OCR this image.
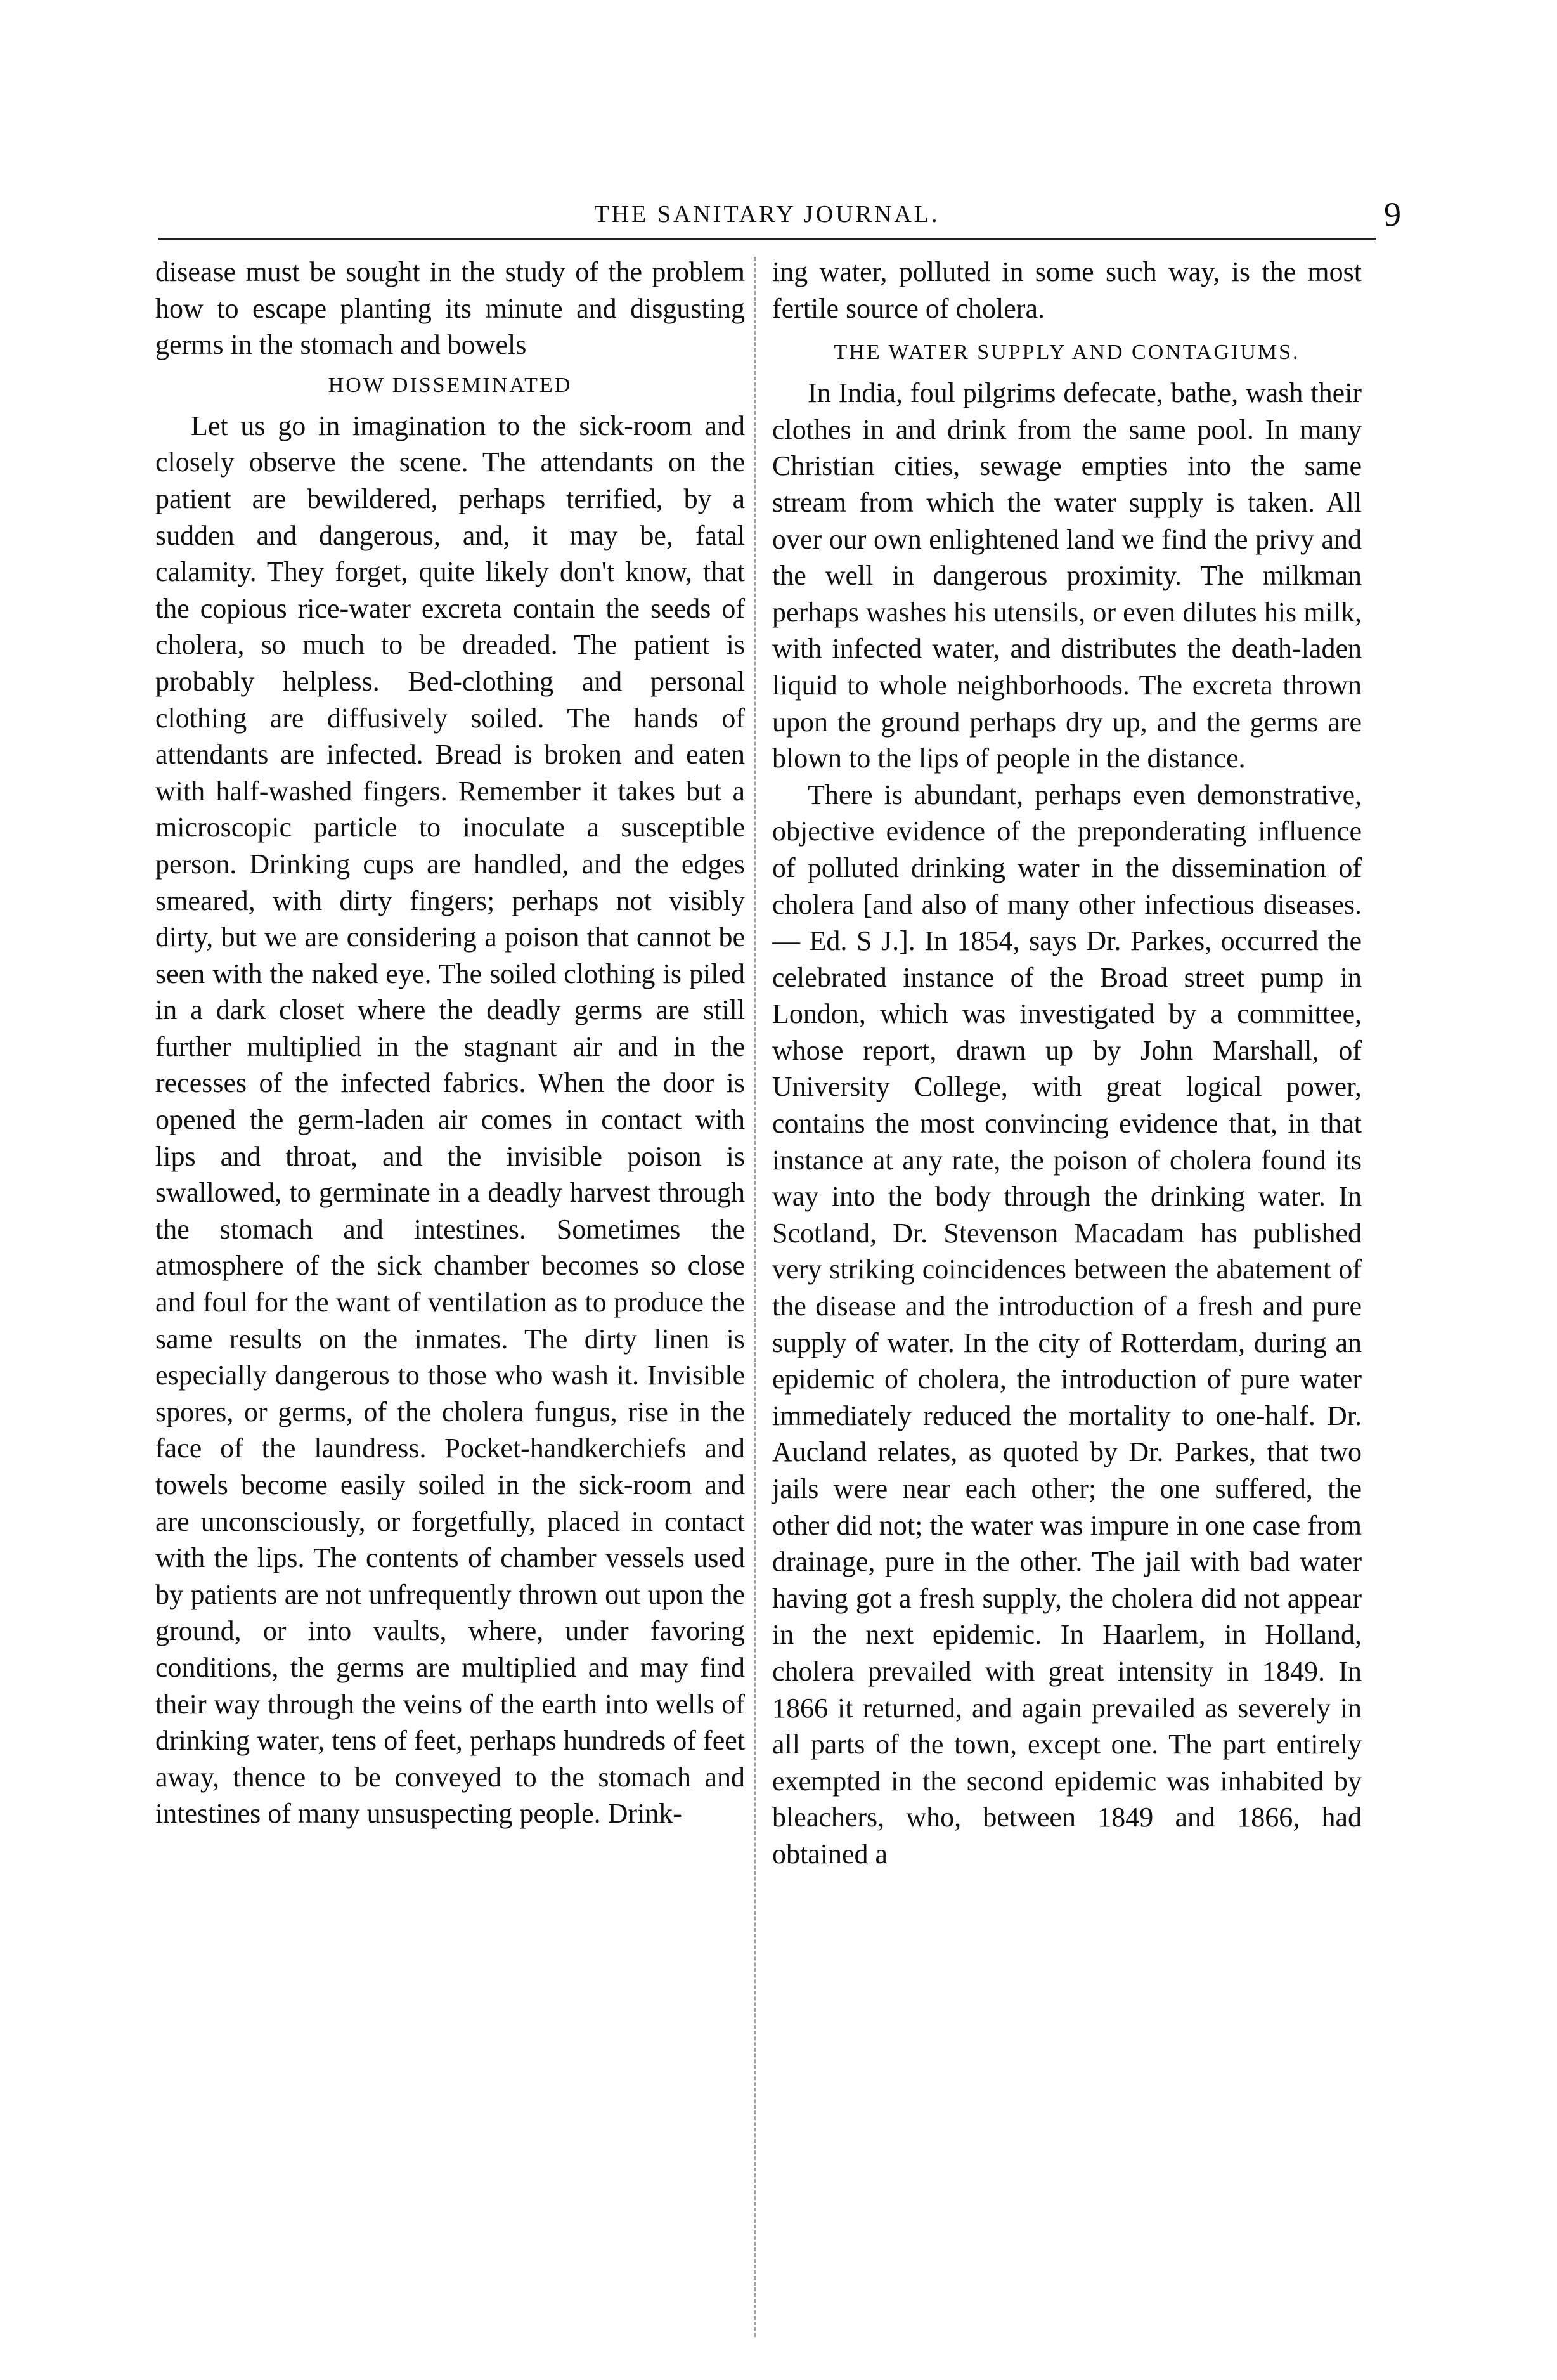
THE SANITARY JOURNAL.	9

disease must be sought in the study of the problem how to escape planting its minute and disgusting germs in the stomach and bowels

HOW DISSEMINATED

Let us go in imagination to the sick-room and closely observe the scene. The attendants on the patient are bewildered, perhaps terrified, by a sudden and dangerous, and, it may be, fatal calamity. They forget, quite likely don't know, that the copious rice-water excreta contain the seeds of cholera, so much to be dreaded. The patient is probably helpless. Bed-clothing and personal clothing are diffusively soiled. The hands of attendants are infected. Bread is broken and eaten with half-washed fingers. Remember it takes but a microscopic particle to inoculate a susceptible person. Drinking cups are handled, and the edges smeared, with dirty fingers; perhaps not visibly dirty, but we are considering a poison that cannot be seen with the naked eye. The soiled clothing is piled in a dark closet where the deadly germs are still further multiplied in the stagnant air and in the recesses of the infected fabrics. When the door is opened the germ-laden air comes in contact with lips and throat, and the invisible poison is swallowed, to germinate in a deadly harvest through the stomach and intestines. Sometimes the atmosphere of the sick chamber becomes so close and foul for the want of ventilation as to produce the same results on the inmates. The dirty linen is especially dangerous to those who wash it. Invisible spores, or germs, of the cholera fungus, rise in the face of the laundress. Pocket-handkerchiefs and towels become easily soiled in the sick-room and are unconsciously, or forgetfully, placed in contact with the lips. The contents of chamber vessels used by patients are not unfrequently thrown out upon the ground, or into vaults, where, under favoring conditions, the germs are multiplied and may find their way through the veins of the earth into wells of drinking water, tens of feet, perhaps hundreds of feet away, thence to be conveyed to the stomach and intestines of many unsuspecting people. Drink-

ing water, polluted in some such way, is the most fertile source of cholera.

THE WATER SUPPLY AND CONTAGIUMS.

In India, foul pilgrims defecate, bathe, wash their clothes in and drink from the same pool. In many Christian cities, sewage empties into the same stream from which the water supply is taken. All over our own enlightened land we find the privy and the well in dangerous proximity. The milkman perhaps washes his utensils, or even dilutes his milk, with infected water, and distributes the death-laden liquid to whole neighborhoods. The excreta thrown upon the ground perhaps dry up, and the germs are blown to the lips of people in the distance.

There is abundant, perhaps even demonstrative, objective evidence of the preponderating influence of polluted drinking water in the dissemination of cholera [and also of many other infectious diseases.— Ed. S J.]. In 1854, says Dr. Parkes, occurred the celebrated instance of the Broad street pump in London, which was investigated by a committee, whose report, drawn up by John Marshall, of University College, with great logical power, contains the most convincing evidence that, in that instance at any rate, the poison of cholera found its way into the body through the drinking water. In Scotland, Dr. Stevenson Macadam has published very striking coincidences between the abatement of the disease and the introduction of a fresh and pure supply of water. In the city of Rotterdam, during an epidemic of cholera, the introduction of pure water immediately reduced the mortality to one-half. Dr. Aucland relates, as quoted by Dr. Parkes, that two jails were near each other; the one suffered, the other did not; the water was impure in one case from drainage, pure in the other. The jail with bad water having got a fresh supply, the cholera did not appear in the next epidemic. In Haarlem, in Holland, cholera prevailed with great intensity in 1849. In 1866 it returned, and again prevailed as severely in all parts of the town, except one. The part entirely exempted in the second epidemic was inhabited by bleachers, who, between 1849 and 1866, had obtained a
